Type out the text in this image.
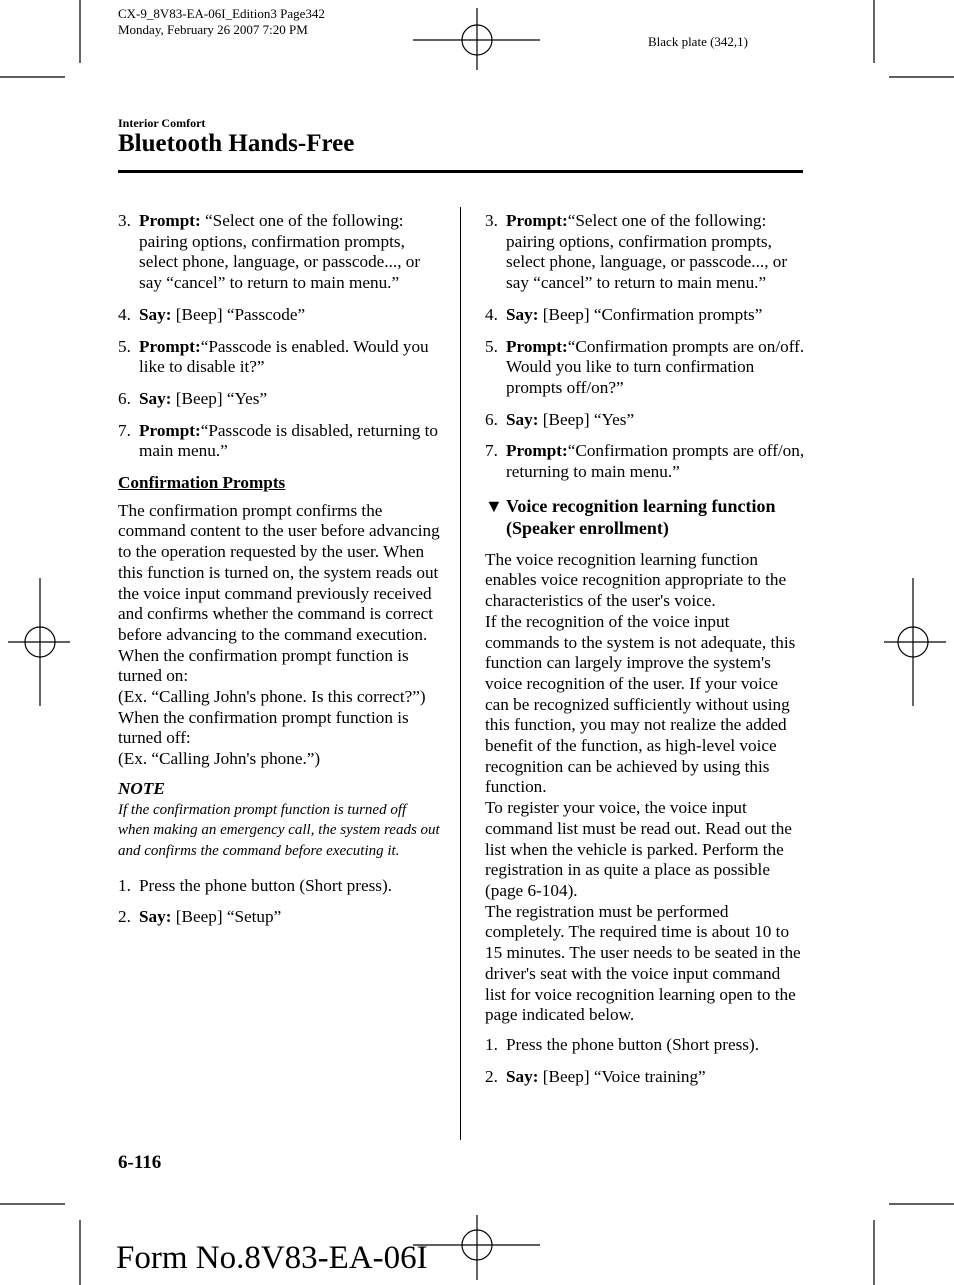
CX-9_8V83-EA-06I_Edition3 Page342
Monday, February 26 2007 7:20 PM
Black plate (342,1)
Interior Comfort
Bluetooth Hands-Free
3. Prompt: “Select one of the following: pairing options, confirmation prompts, select phone, language, or passcode..., or say “cancel” to return to main menu.”
4. Say: [Beep] “Passcode”
5. Prompt:“Passcode is enabled. Would you like to disable it?”
6. Say: [Beep] “Yes”
7. Prompt:“Passcode is disabled, returning to main menu.”
Confirmation Prompts

The confirmation prompt confirms the command content to the user before advancing to the operation requested by the user. When this function is turned on, the system reads out the voice input command previously received and confirms whether the command is correct before advancing to the command execution.

When the confirmation prompt function is turned on:

(Ex. “Calling John's phone. Is this correct?”)

When the confirmation prompt function is turned off:

(Ex. “Calling John's phone.”)

NOTE
If the confirmation prompt function is turned off when making an emergency call, the system reads out and confirms the command before executing it.
1. Press the phone button (Short press).
2. Say: [Beep] “Setup”
3. Prompt:“Select one of the following: pairing options, confirmation prompts, select phone, language, or passcode..., or say “cancel” to return to main menu.”
4. Say: [Beep] “Confirmation prompts”
5. Prompt:“Confirmation prompts are on/off. Would you like to turn confirmation prompts off/on?”
6. Say: [Beep] “Yes”
7. Prompt:“Confirmation prompts are off/on, returning to main menu.”
▼ Voice recognition learning function (Speaker enrollment)

The voice recognition learning function enables voice recognition appropriate to the characteristics of the user's voice.

If the recognition of the voice input commands to the system is not adequate, this function can largely improve the system's voice recognition of the user. If your voice can be recognized sufficiently without using this function, you may not realize the added benefit of the function, as high-level voice recognition can be achieved by using this function.

To register your voice, the voice input command list must be read out. Read out the list when the vehicle is parked. Perform the registration in as quite a place as possible (page 6-104).

The registration must be performed completely. The required time is about 10 to 15 minutes. The user needs to be seated in the driver's seat with the voice input command list for voice recognition learning open to the page indicated below.

1. Press the phone button (Short press).
2. Say: [Beep] “Voice training”
6-116
Form No.8V83-EA-06I
